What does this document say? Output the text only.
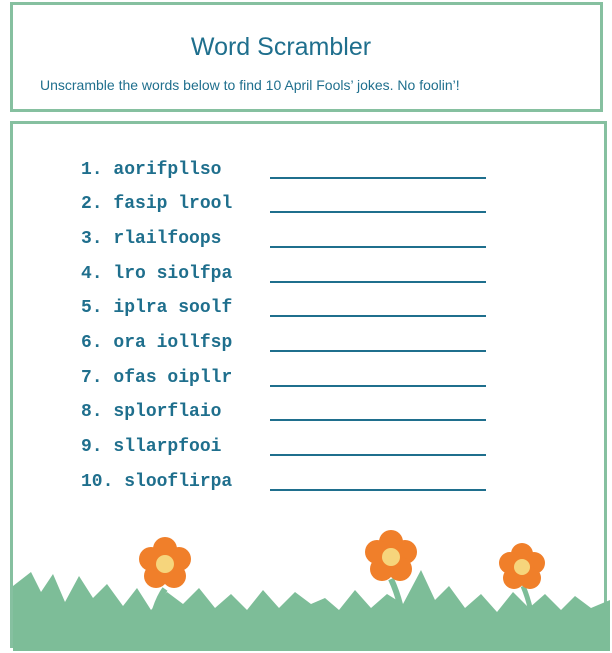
Word Scrambler
Unscramble the words below to find 10 April Fools’ jokes. No foolin’!
1. aorifpllso
2. fasip lrool
3. rlailfoops
4. lro siolfpa
5. iplra soolf
6. ora iollfsp
7. ofas oipllr
8. splorflaio
9. sllarpfooi
10. slooflirpa
